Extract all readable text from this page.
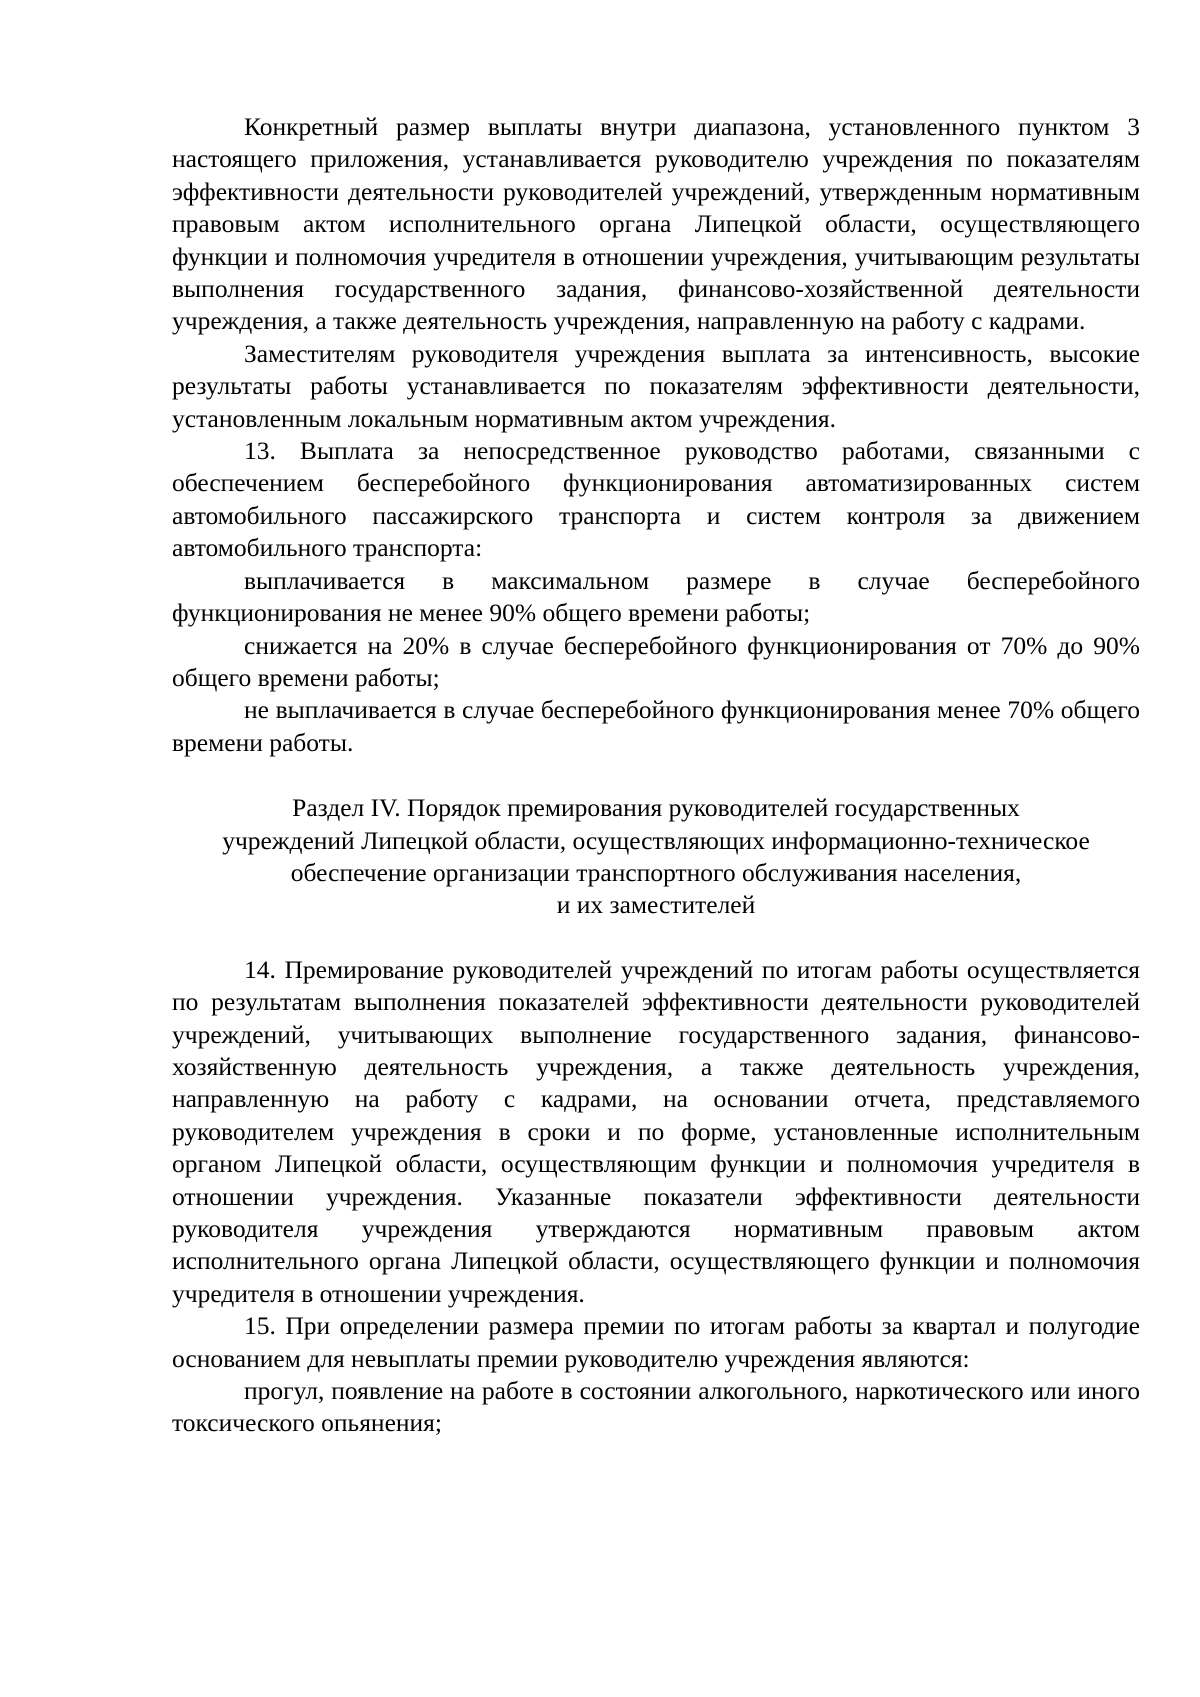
Конкретный размер выплаты внутри диапазона, установленного пунктом 3 настоящего приложения, устанавливается руководителю учреждения по показателям эффективности деятельности руководителей учреждений, утвержденным нормативным правовым актом исполнительного органа Липецкой области, осуществляющего функции и полномочия учредителя в отношении учреждения, учитывающим результаты выполнения государственного задания, финансово-хозяйственной деятельности учреждения, а также деятельность учреждения, направленную на работу с кадрами.

Заместителям руководителя учреждения выплата за интенсивность, высокие результаты работы устанавливается по показателям эффективности деятельности, установленным локальным нормативным актом учреждения.

13. Выплата за непосредственное руководство работами, связанными с обеспечением бесперебойного функционирования автоматизированных систем автомобильного пассажирского транспорта и систем контроля за движением автомобильного транспорта:

выплачивается в максимальном размере в случае бесперебойного функционирования не менее 90% общего времени работы;

снижается на 20% в случае бесперебойного функционирования от 70% до 90% общего времени работы;

не выплачивается в случае бесперебойного функционирования менее 70% общего времени работы.

Раздел IV. Порядок премирования руководителей государственных
учреждений Липецкой области, осуществляющих информационно-техническое
обеспечение организации транспортного обслуживания населения,
и их заместителей

14. Премирование руководителей учреждений по итогам работы осуществляется по результатам выполнения показателей эффективности деятельности руководителей учреждений, учитывающих выполнение государственного задания, финансово-хозяйственную деятельность учреждения, а также деятельность учреждения, направленную на работу с кадрами, на основании отчета, представляемого руководителем учреждения в сроки и по форме, установленные исполнительным органом Липецкой области, осуществляющим функции и полномочия учредителя в отношении учреждения. Указанные показатели эффективности деятельности руководителя учреждения утверждаются нормативным правовым актом исполнительного органа Липецкой области, осуществляющего функции и полномочия учредителя в отношении учреждения.

15. При определении размера премии по итогам работы за квартал и полугодие основанием для невыплаты премии руководителю учреждения являются:

прогул, появление на работе в состоянии алкогольного, наркотического или иного токсического опьянения;
